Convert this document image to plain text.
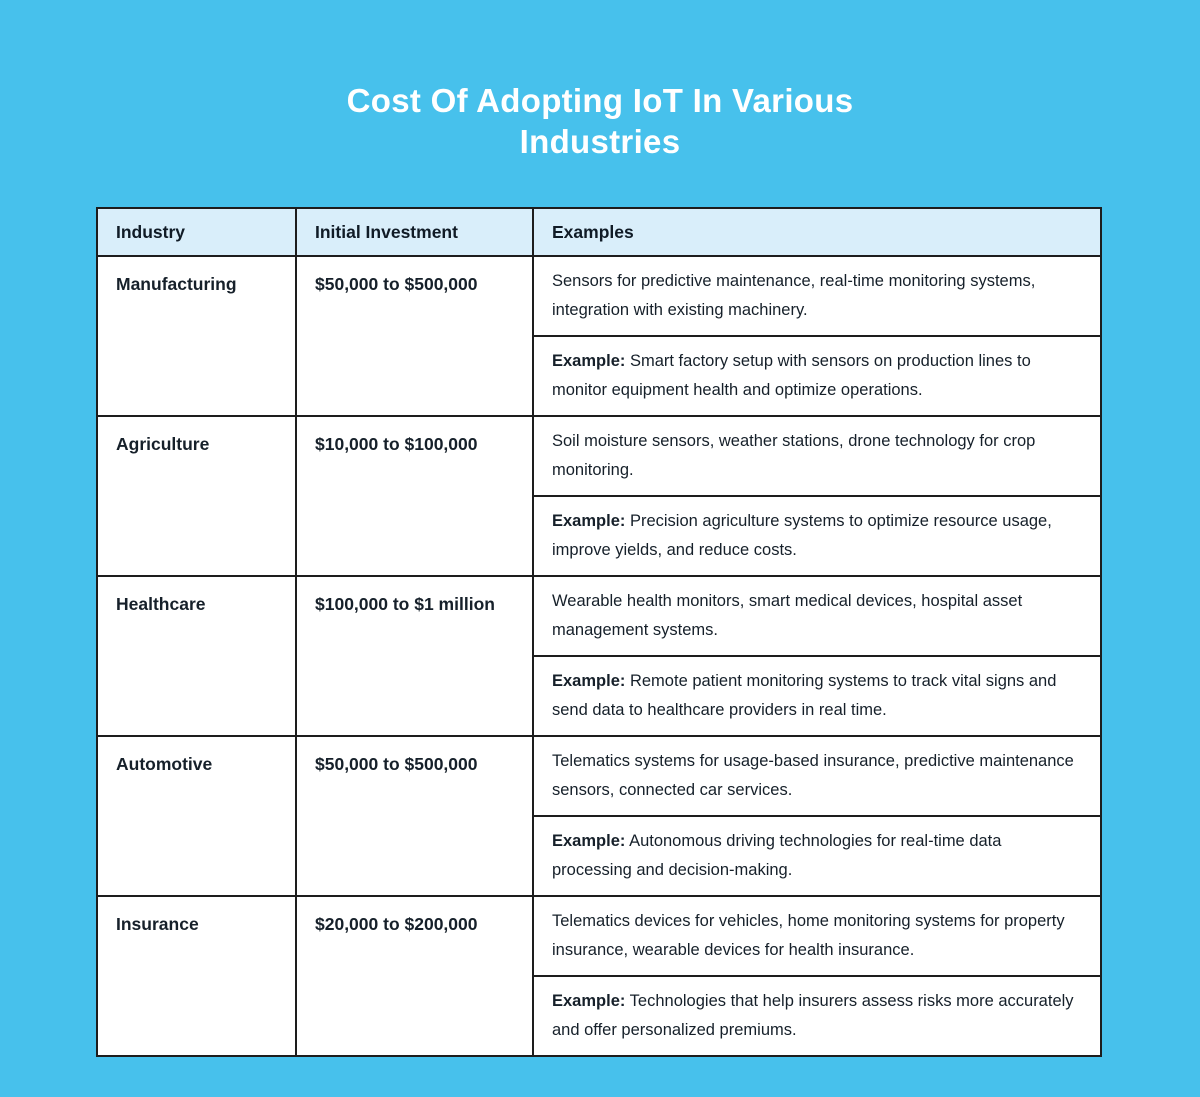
Cost Of Adopting IoT In Various
Industries
Industry	Initial Investment	Examples
Manufacturing	$50,000 to $500,000	Sensors for predictive maintenance, real-time monitoring systems, integration with existing machinery.
		Example: Smart factory setup with sensors on production lines to monitor equipment health and optimize operations.
Agriculture	$10,000 to $100,000	Soil moisture sensors, weather stations, drone technology for crop monitoring.
		Example: Precision agriculture systems to optimize resource usage, improve yields, and reduce costs.
Healthcare	$100,000 to $1 million	Wearable health monitors, smart medical devices, hospital asset management systems.
		Example: Remote patient monitoring systems to track vital signs and send data to healthcare providers in real time.
Automotive	$50,000 to $500,000	Telematics systems for usage-based insurance, predictive maintenance sensors, connected car services.
		Example: Autonomous driving technologies for real-time data processing and decision-making.
Insurance	$20,000 to $200,000	Telematics devices for vehicles, home monitoring systems for property insurance, wearable devices for health insurance.
		Example: Technologies that help insurers assess risks more accurately and offer personalized premiums.
